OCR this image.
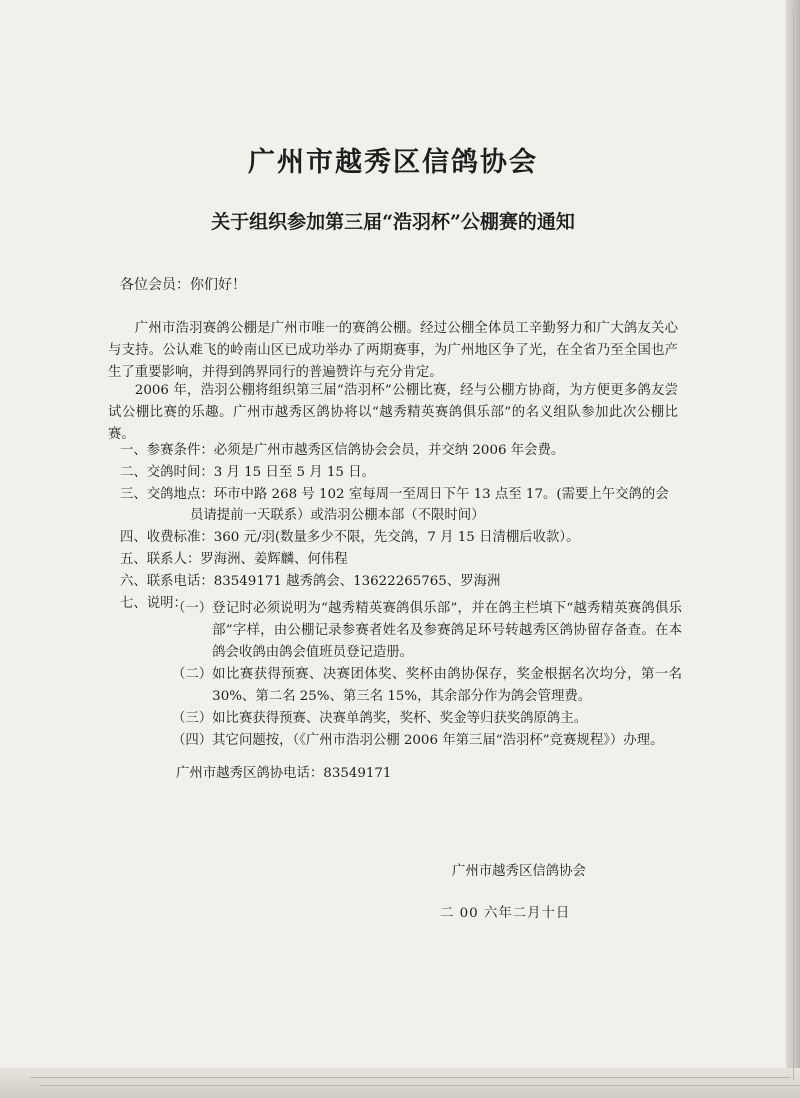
广州市越秀区信鸽协会
关于组织参加第三届“浩羽杯”公棚赛的通知
各位会员：你们好！
广州市浩羽赛鸽公棚是广州市唯一的赛鸽公棚。经过公棚全体员工辛勤努力和广大鸽友关心与支持。公认难飞的岭南山区已成功举办了两期赛事，为广州地区争了光，在全省乃至全国也产生了重要影响，并得到鸽界同行的普遍赞许与充分肯定。
2006 年，浩羽公棚将组织第三届“浩羽杯”公棚比赛，经与公棚方协商，为方便更多鸽友尝试公棚比赛的乐趣。广州市越秀区鸽协将以“越秀精英赛鸽俱乐部”的名义组队参加此次公棚比赛。
一、参赛条件：必须是广州市越秀区信鸽协会会员，并交纳 2006 年会费。
二、交鸽时间：3 月 15 日至 5 月 15 日。
三、交鸽地点：环市中路 268 号 102 室每周一至周日下午 13 点至 17。(需要上午交鸽的会员请提前一天联系）或浩羽公棚本部（不限时间）
四、收费标准：360 元/羽(数量多少不限，先交鸽，7 月 15 日清棚后收款）。
五、联系人：罗海洲、姜辉麟、何伟程
六、联系电话：83549171 越秀鸽会、13622265765、罗海洲
七、说明：
（一） 登记时必须说明为“越秀精英赛鸽俱乐部”，并在鸽主栏填下“越秀精英赛鸽俱乐部”字样，由公棚记录参赛者姓名及参赛鸽足环号转越秀区鸽协留存备查。在本鸽会收鸽由鸽会值班员登记造册。
（二） 如比赛获得预赛、决赛团体奖、奖杯由鸽协保存，奖金根据名次均分，第一名 30%、第二名 25%、第三名 15%，其余部分作为鸽会管理费。
（三） 如比赛获得预赛、决赛单鸽奖，奖杯、奖金等归获奖鸽原鸽主。
（四） 其它问题按，（《广州市浩羽公棚 2006 年第三届“浩羽杯”竞赛规程》）办理。
广州市越秀区鸽协电话：83549171
广州市越秀区信鸽协会
二 00 六年二月十日
